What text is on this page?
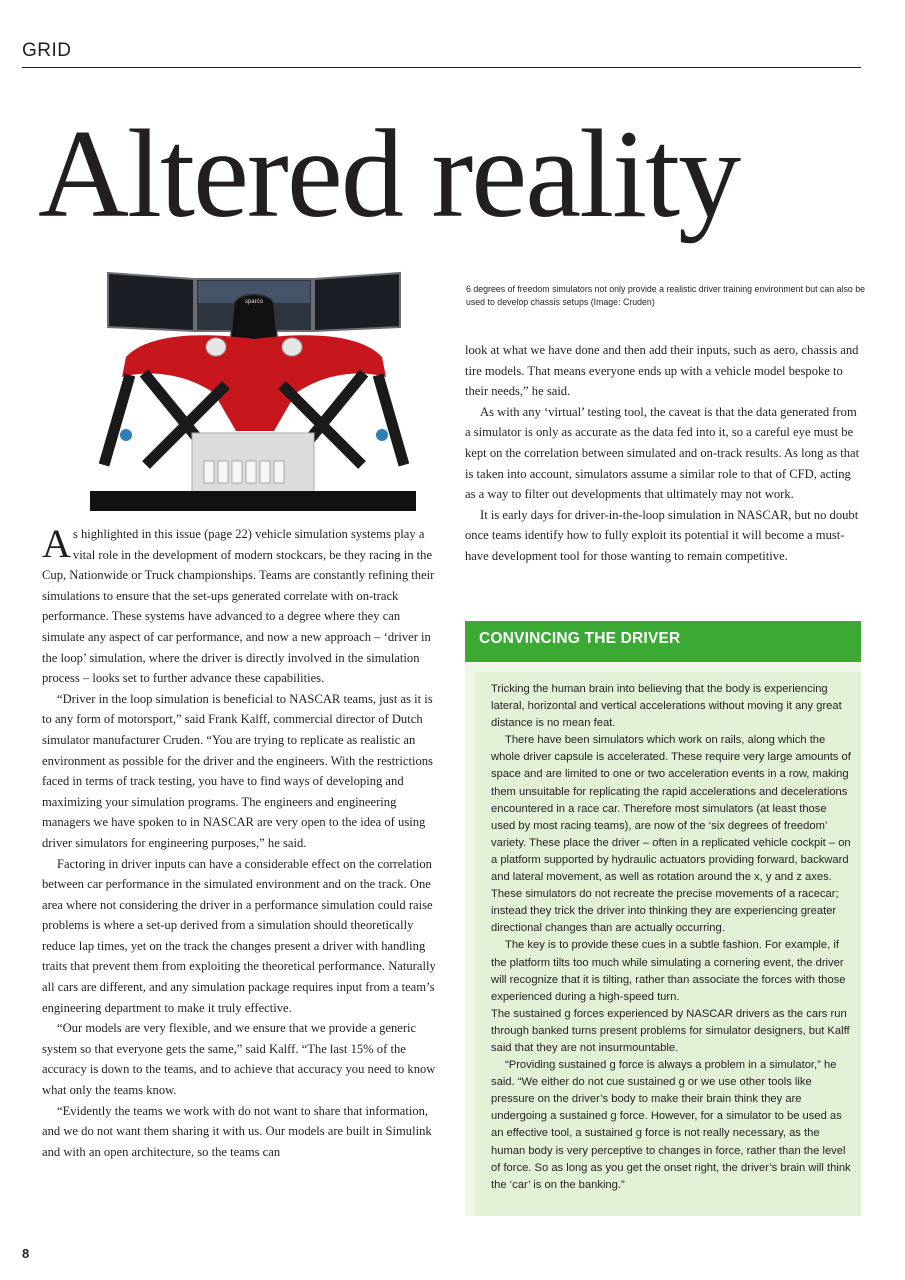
GRID
Altered reality
sparco

6 degrees of freedom simulators not only provide a realistic driver training environment but can also be used to develop chassis setups (Image: Cruden)

As highlighted in this issue (page 22) vehicle simulation systems play a vital role in the development of modern stockcars, be they racing in the Cup, Nationwide or Truck championships. Teams are constantly refining their simulations to ensure that the set-ups generated correlate with on-track performance. These systems have advanced to a degree where they can simulate any aspect of car performance, and now a new approach – ‘driver in the loop’ simulation, where the driver is directly involved in the simulation process – looks set to further advance these capabilities.

“Driver in the loop simulation is beneficial to NASCAR teams, just as it is to any form of motorsport,” said Frank Kalff, commercial director of Dutch simulator manufacturer Cruden. “You are trying to replicate as realistic an environment as possible for the driver and the engineers. With the restrictions faced in terms of track testing, you have to find ways of developing and maximizing your simulation programs. The engineers and engineering managers we have spoken to in NASCAR are very open to the idea of using driver simulators for engineering purposes,” he said.

Factoring in driver inputs can have a considerable effect on the correlation between car performance in the simulated environment and on the track. One area where not considering the driver in a performance simulation could raise problems is where a set-up derived from a simulation should theoretically reduce lap times, yet on the track the changes present a driver with handling traits that prevent them from exploiting the theoretical performance. Naturally all cars are different, and any simulation package requires input from a team’s engineering department to make it truly effective.

“Our models are very flexible, and we ensure that we provide a generic system so that everyone gets the same,” said Kalff. “The last 15% of the accuracy is down to the teams, and to achieve that accuracy you need to know what only the teams know.

“Evidently the teams we work with do not want to share that information, and we do not want them sharing it with us. Our models are built in Simulink and with an open architecture, so the teams can

look at what we have done and then add their inputs, such as aero, chassis and tire models. That means everyone ends up with a vehicle model bespoke to their needs,” he said.

As with any ‘virtual’ testing tool, the caveat is that the data generated from a simulator is only as accurate as the data fed into it, so a careful eye must be kept on the correlation between simulated and on-track results. As long as that is taken into account, simulators assume a similar role to that of CFD, acting as a way to filter out developments that ultimately may not work.

It is early days for driver-in-the-loop simulation in NASCAR, but no doubt once teams identify how to fully exploit its potential it will become a must-have development tool for those wanting to remain competitive.

CONVINCING THE DRIVER

Tricking the human brain into believing that the body is experiencing lateral, horizontal and vertical accelerations without moving it any great distance is no mean feat.

There have been simulators which work on rails, along which the whole driver capsule is accelerated. These require very large amounts of space and are limited to one or two acceleration events in a row, making them unsuitable for replicating the rapid accelerations and decelerations encountered in a race car. Therefore most simulators (at least those used by most racing teams), are now of the ‘six degrees of freedom’ variety. These place the driver – often in a replicated vehicle cockpit – on a platform supported by hydraulic actuators providing forward, backward and lateral movement, as well as rotation around the x, y and z axes. These simulators do not recreate the precise movements of a racecar; instead they trick the driver into thinking they are experiencing greater directional changes than are actually occurring.

The key is to provide these cues in a subtle fashion. For example, if the platform tilts too much while simulating a cornering event, the driver will recognize that it is tilting, rather than associate the forces with those experienced during a high-speed turn.

The sustained g forces experienced by NASCAR drivers as the cars run through banked turns present problems for simulator designers, but Kalff said that they are not insurmountable.

“Providing sustained g force is always a problem in a simulator,” he said. “We either do not cue sustained g or we use other tools like pressure on the driver’s body to make their brain think they are undergoing a sustained g force. However, for a simulator to be used as an effective tool, a sustained g force is not really necessary, as the human body is very perceptive to changes in force, rather than the level of force. So as long as you get the onset right, the driver’s brain will think the ‘car’ is on the banking.”

8
